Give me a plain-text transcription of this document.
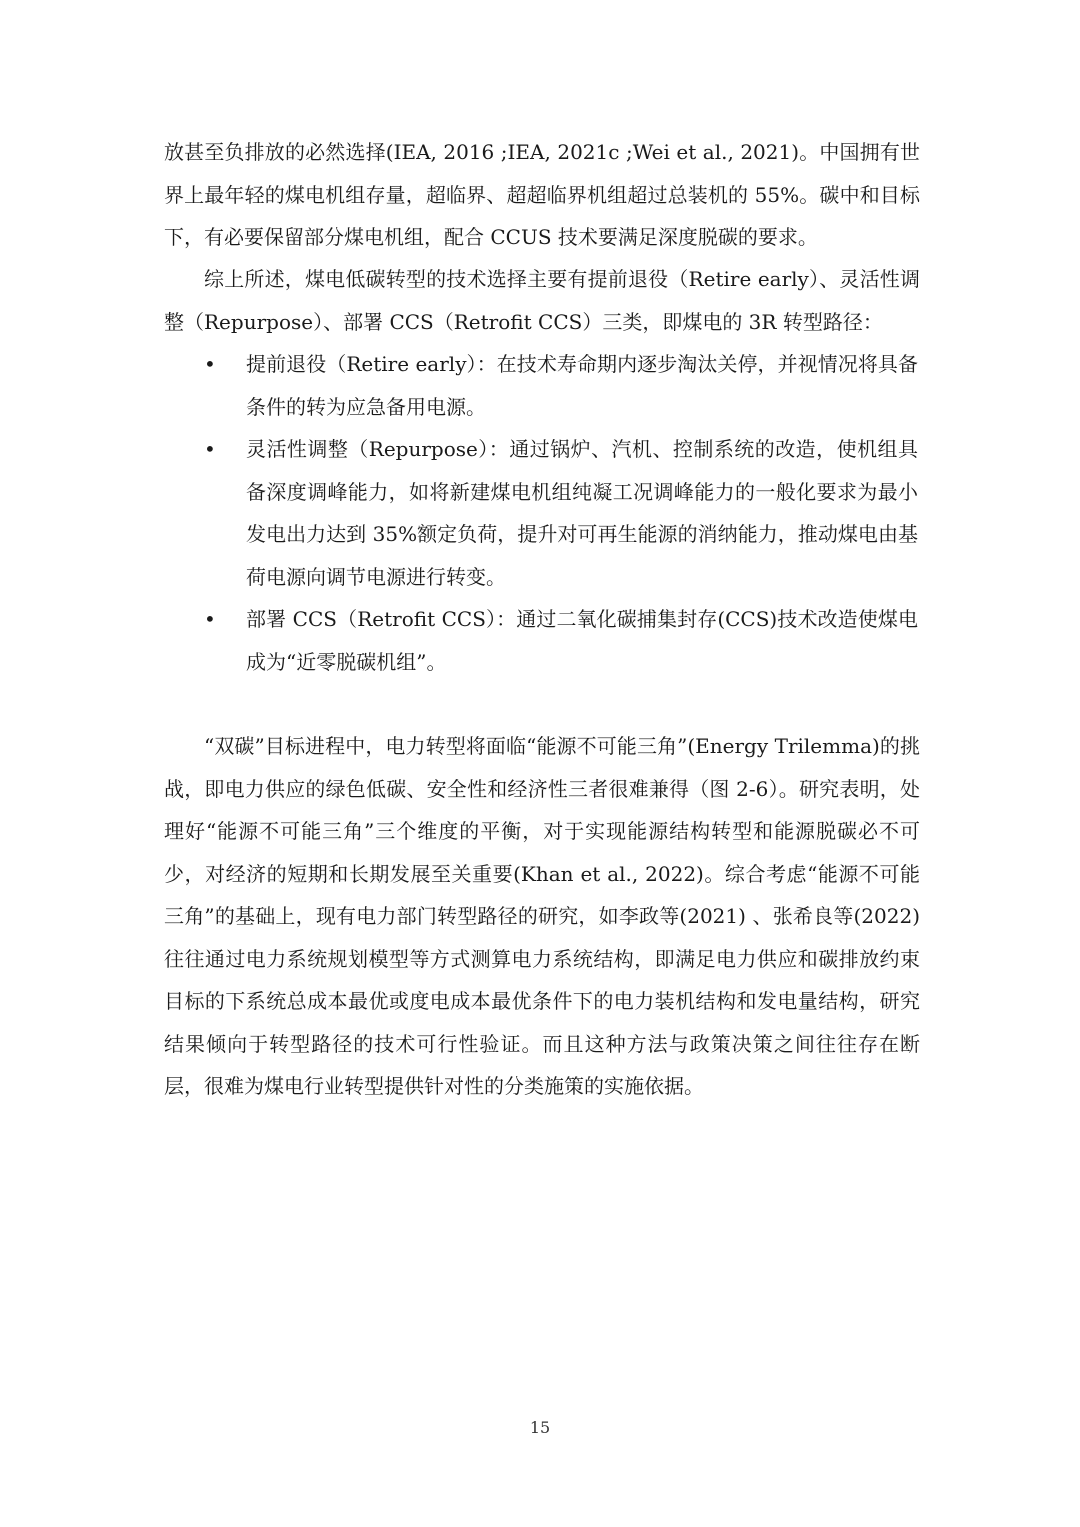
放甚至负排放的必然选择(IEA, 2016 ;IEA, 2021c ;Wei et al., 2021)。中国拥有世界上最年轻的煤电机组存量，超临界、超超临界机组超过总装机的 55%。碳中和目标下，有必要保留部分煤电机组，配合 CCUS 技术要满足深度脱碳的要求。

综上所述，煤电低碳转型的技术选择主要有提前退役（Retire early）、灵活性调整（Repurpose）、部署 CCS（Retrofit CCS）三类，即煤电的 3R 转型路径：

• 提前退役（Retire early）：在技术寿命期内逐步淘汰关停，并视情况将具备条件的转为应急备用电源。
• 灵活性调整（Repurpose）：通过锅炉、汽机、控制系统的改造，使机组具备深度调峰能力，如将新建煤电机组纯凝工况调峰能力的一般化要求为最小发电出力达到 35%额定负荷，提升对可再生能源的消纳能力，推动煤电由基荷电源向调节电源进行转变。
• 部署 CCS（Retrofit CCS）：通过二氧化碳捕集封存(CCS)技术改造使煤电成为“近零脱碳机组”。

“双碳”目标进程中，电力转型将面临“能源不可能三角”(Energy Trilemma)的挑战，即电力供应的绿色低碳、安全性和经济性三者很难兼得（图 2-6）。研究表明，处理好“能源不可能三角”三个维度的平衡，对于实现能源结构转型和能源脱碳必不可少，对经济的短期和长期发展至关重要(Khan et al., 2022)。综合考虑“能源不可能三角”的基础上，现有电力部门转型路径的研究，如李政等(2021) 、张希良等(2022) 往往通过电力系统规划模型等方式测算电力系统结构，即满足电力供应和碳排放约束目标的下系统总成本最优或度电成本最优条件下的电力装机结构和发电量结构，研究结果倾向于转型路径的技术可行性验证。而且这种方法与政策决策之间往往存在断层，很难为煤电行业转型提供针对性的分类施策的实施依据。

15
